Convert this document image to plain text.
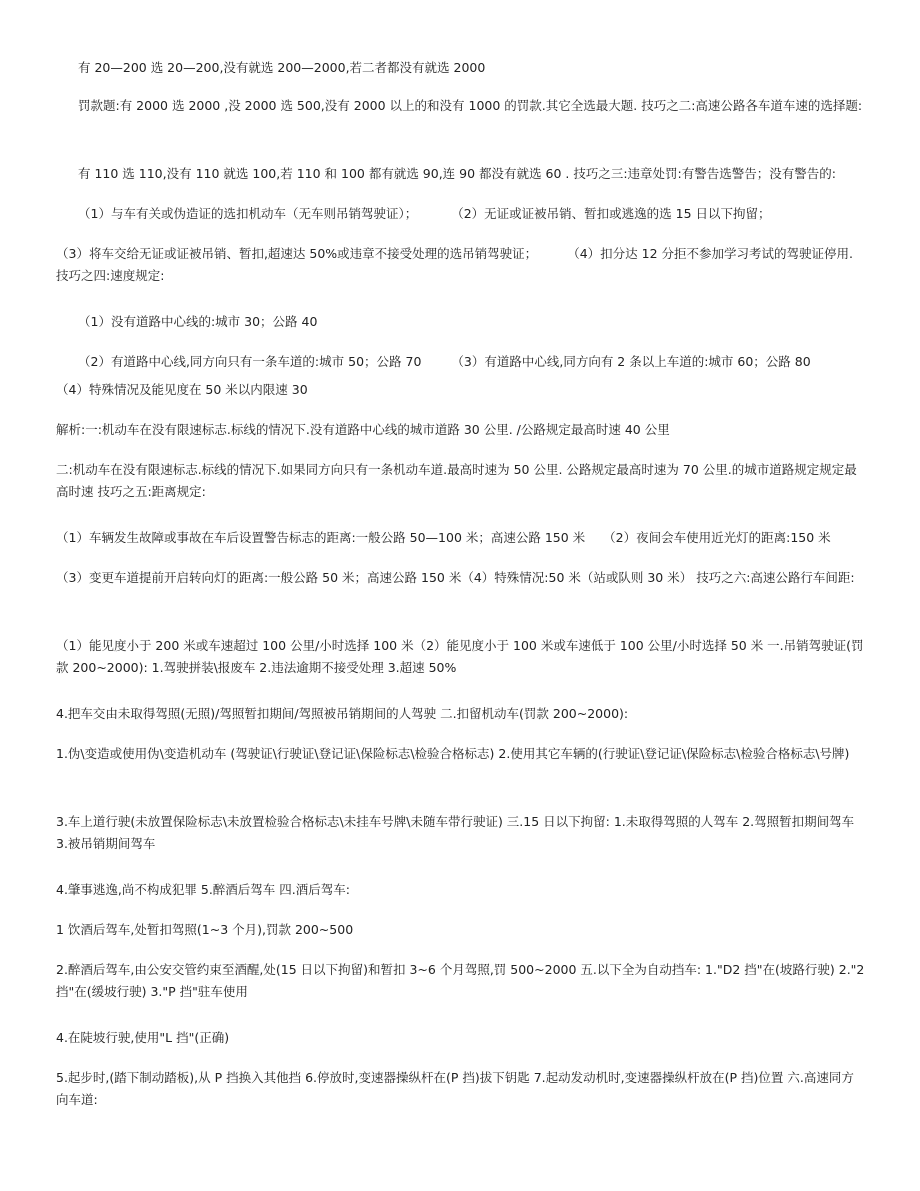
有 20—200 选 20—200,没有就选 200—2000,若二者都没有就选 2000
罚款题:有 2000 选 2000 ,没 2000 选 500,没有 2000 以上的和没有 1000 的罚款.其它全选最大题. 技巧之二:高速公路各车道车速的选择题:
有 110 选 110,没有 110 就选 100,若 110 和 100 都有就选 90,连 90 都没有就选 60 . 技巧之三:违章处罚:有警告选警告；没有警告的:
（1）与车有关或伪造证的选扣机动车（无车则吊销驾驶证）；	（2）无证或证被吊销、暂扣或逃逸的选 15 日以下拘留；
（3）将车交给无证或证被吊销、暂扣,超速达 50%或违章不接受处理的选吊销驾驶证； （4）扣分达 12 分拒不参加学习考试的驾驶证停用. 技巧之四:速度规定:
（1）没有道路中心线的:城市 30；公路 40
（2）有道路中心线,同方向只有一条车道的:城市 50；公路 70 （3）有道路中心线,同方向有 2 条以上车道的:城市 60；公路 80
（4）特殊情况及能见度在 50 米以内限速 30
解析:一:机动车在没有限速标志.标线的情况下.没有道路中心线的城市道路 30 公里. /公路规定最高时速 40 公里
二:机动车在没有限速标志.标线的情况下.如果同方向只有一条机动车道.最高时速为 50 公里. 公路规定最高时速为 70 公里.的城市道路规定规定最高时速 技巧之五:距离规定:
（1）车辆发生故障或事故在车后设置警告标志的距离:一般公路 50—100 米；高速公路 150 米 （2）夜间会车使用近光灯的距离:150 米
（3）变更车道提前开启转向灯的距离:一般公路 50 米；高速公路 150 米（4）特殊情况:50 米（站或队则 30 米） 技巧之六:高速公路行车间距:
（1）能见度小于 200 米或车速超过 100 公里/小时选择 100 米（2）能见度小于 100 米或车速低于 100 公里/小时选择 50 米 一.吊销驾驶证(罚款 200~2000): 1.驾驶拼装\报废车 2.违法逾期不接受处理 3.超速 50%
4.把车交由未取得驾照(无照)/驾照暂扣期间/驾照被吊销期间的人驾驶 二.扣留机动车(罚款 200~2000):
1.伪\变造或使用伪\变造机动车 (驾驶证\行驶证\登记证\保险标志\检验合格标志) 2.使用其它车辆的(行驶证\登记证\保险标志\检验合格标志\号牌)
3.车上道行驶(未放置保险标志\未放置检验合格标志\未挂车号牌\未随车带行驶证) 三.15 日以下拘留: 1.未取得驾照的人驾车 2.驾照暂扣期间驾车 3.被吊销期间驾车
4.肇事逃逸,尚不构成犯罪 5.醉酒后驾车 四.酒后驾车:
1 饮酒后驾车,处暂扣驾照(1~3 个月),罚款 200~500
2.醉酒后驾车,由公安交管约束至酒醒,处(15 日以下拘留)和暂扣 3~6 个月驾照,罚 500~2000 五.以下全为自动挡车: 1."D2 挡"在(坡路行驶) 2."2 挡"在(缓坡行驶) 3."P 挡"驻车使用
4.在陡坡行驶,使用"L 挡"(正确)
5.起步时,(踏下制动踏板),从 P 挡换入其他挡 6.停放时,变速器操纵杆在(P 挡)拔下钥匙 7.起动发动机时,变速器操纵杆放在(P 挡)位置 六.高速同方向车道:
